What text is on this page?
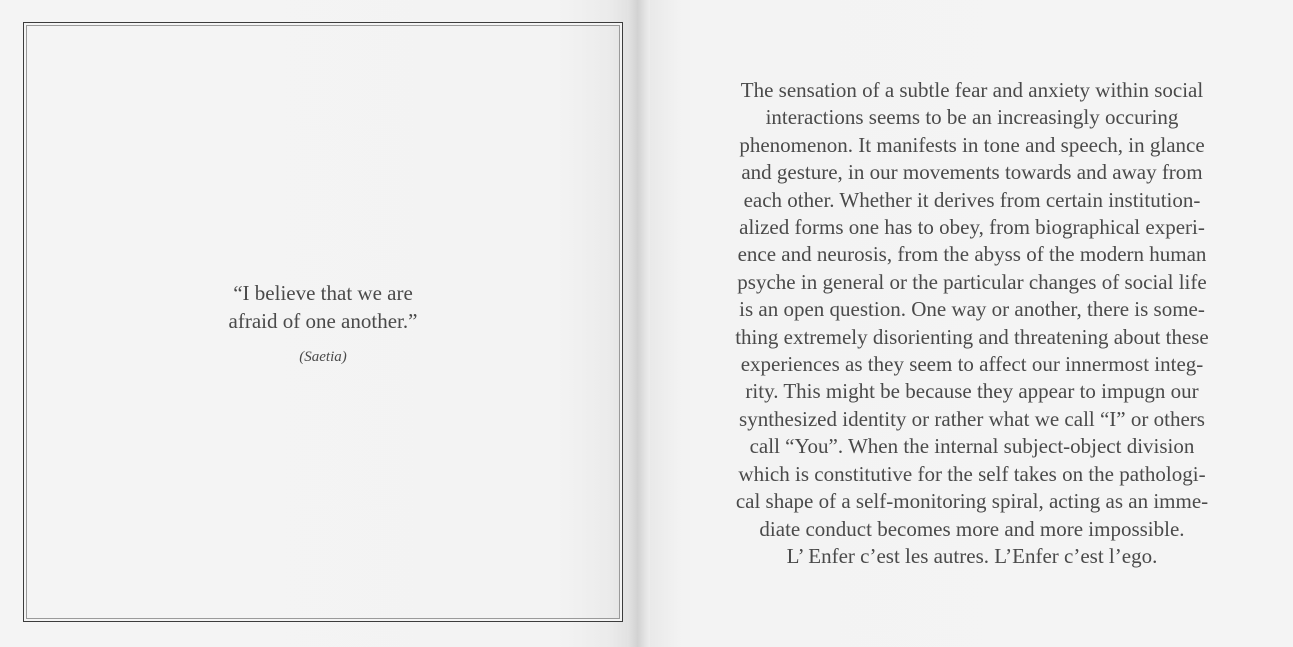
“I believe that we are
afraid of one another.”

(Saetia)

The sensation of a subtle fear and anxiety within social
interactions seems to be an increasingly occuring
phenomenon. It manifests in tone and speech, in glance
and gesture, in our movements towards and away from
each other. Whether it derives from certain institution-
alized forms one has to obey, from biographical experi-
ence and neurosis, from the abyss of the modern human
psyche in general or the particular changes of social life
is an open question. One way or another, there is some-
thing extremely disorienting and threatening about these
experiences as they seem to affect our innermost integ-
rity. This might be because they appear to impugn our
synthesized identity or rather what we call “I” or others
call “You”. When the internal subject-object division
which is constitutive for the self takes on the pathologi-
cal shape of a self-monitoring spiral, acting as an imme-
diate conduct becomes more and more impossible.
L’ Enfer c’est les autres. L’Enfer c’est l’ego.
